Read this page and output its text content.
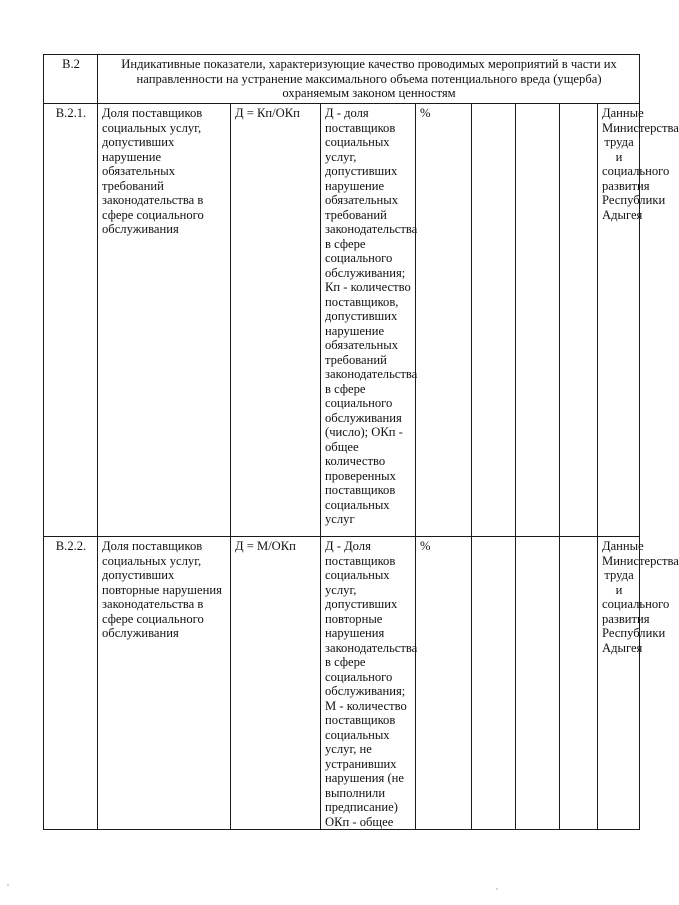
В.2	Индикативные показатели, характеризующие качество проводимых мероприятий в части их направленности на устранение максимального объема потенциального вреда (ущерба) охраняемым законом ценностям							
В.2.1.	Доля поставщиков социальных услуг, допустивших нарушение обязательных требований законодательства в сфере социального обслуживания	Д = Кп/ОКп	Д - доля поставщиков социальных услуг, допустивших нарушение обязательных требований законодательства в сфере социального обслуживания; Кп - количество поставщиков, допустивших нарушение обязательных требований законодательства в сфере социального обслуживания (число); ОКп - общее количество проверенных поставщиков социальных услуг	%				Данные Министерства труда и социального развития Республики Адыгея
В.2.2.	Доля поставщиков социальных услуг, допустивших повторные нарушения законодательства в сфере социального обслуживания	Д = М/ОКп	Д - Доля поставщиков социальных услуг, допустивших повторные нарушения законодательства в сфере социального обслуживания; М - количество поставщиков социальных услуг, не устранивших нарушения (не выполнили предписание) ОКп - общее	%				Данные Министерства труда и социального развития Республики Адыгея
